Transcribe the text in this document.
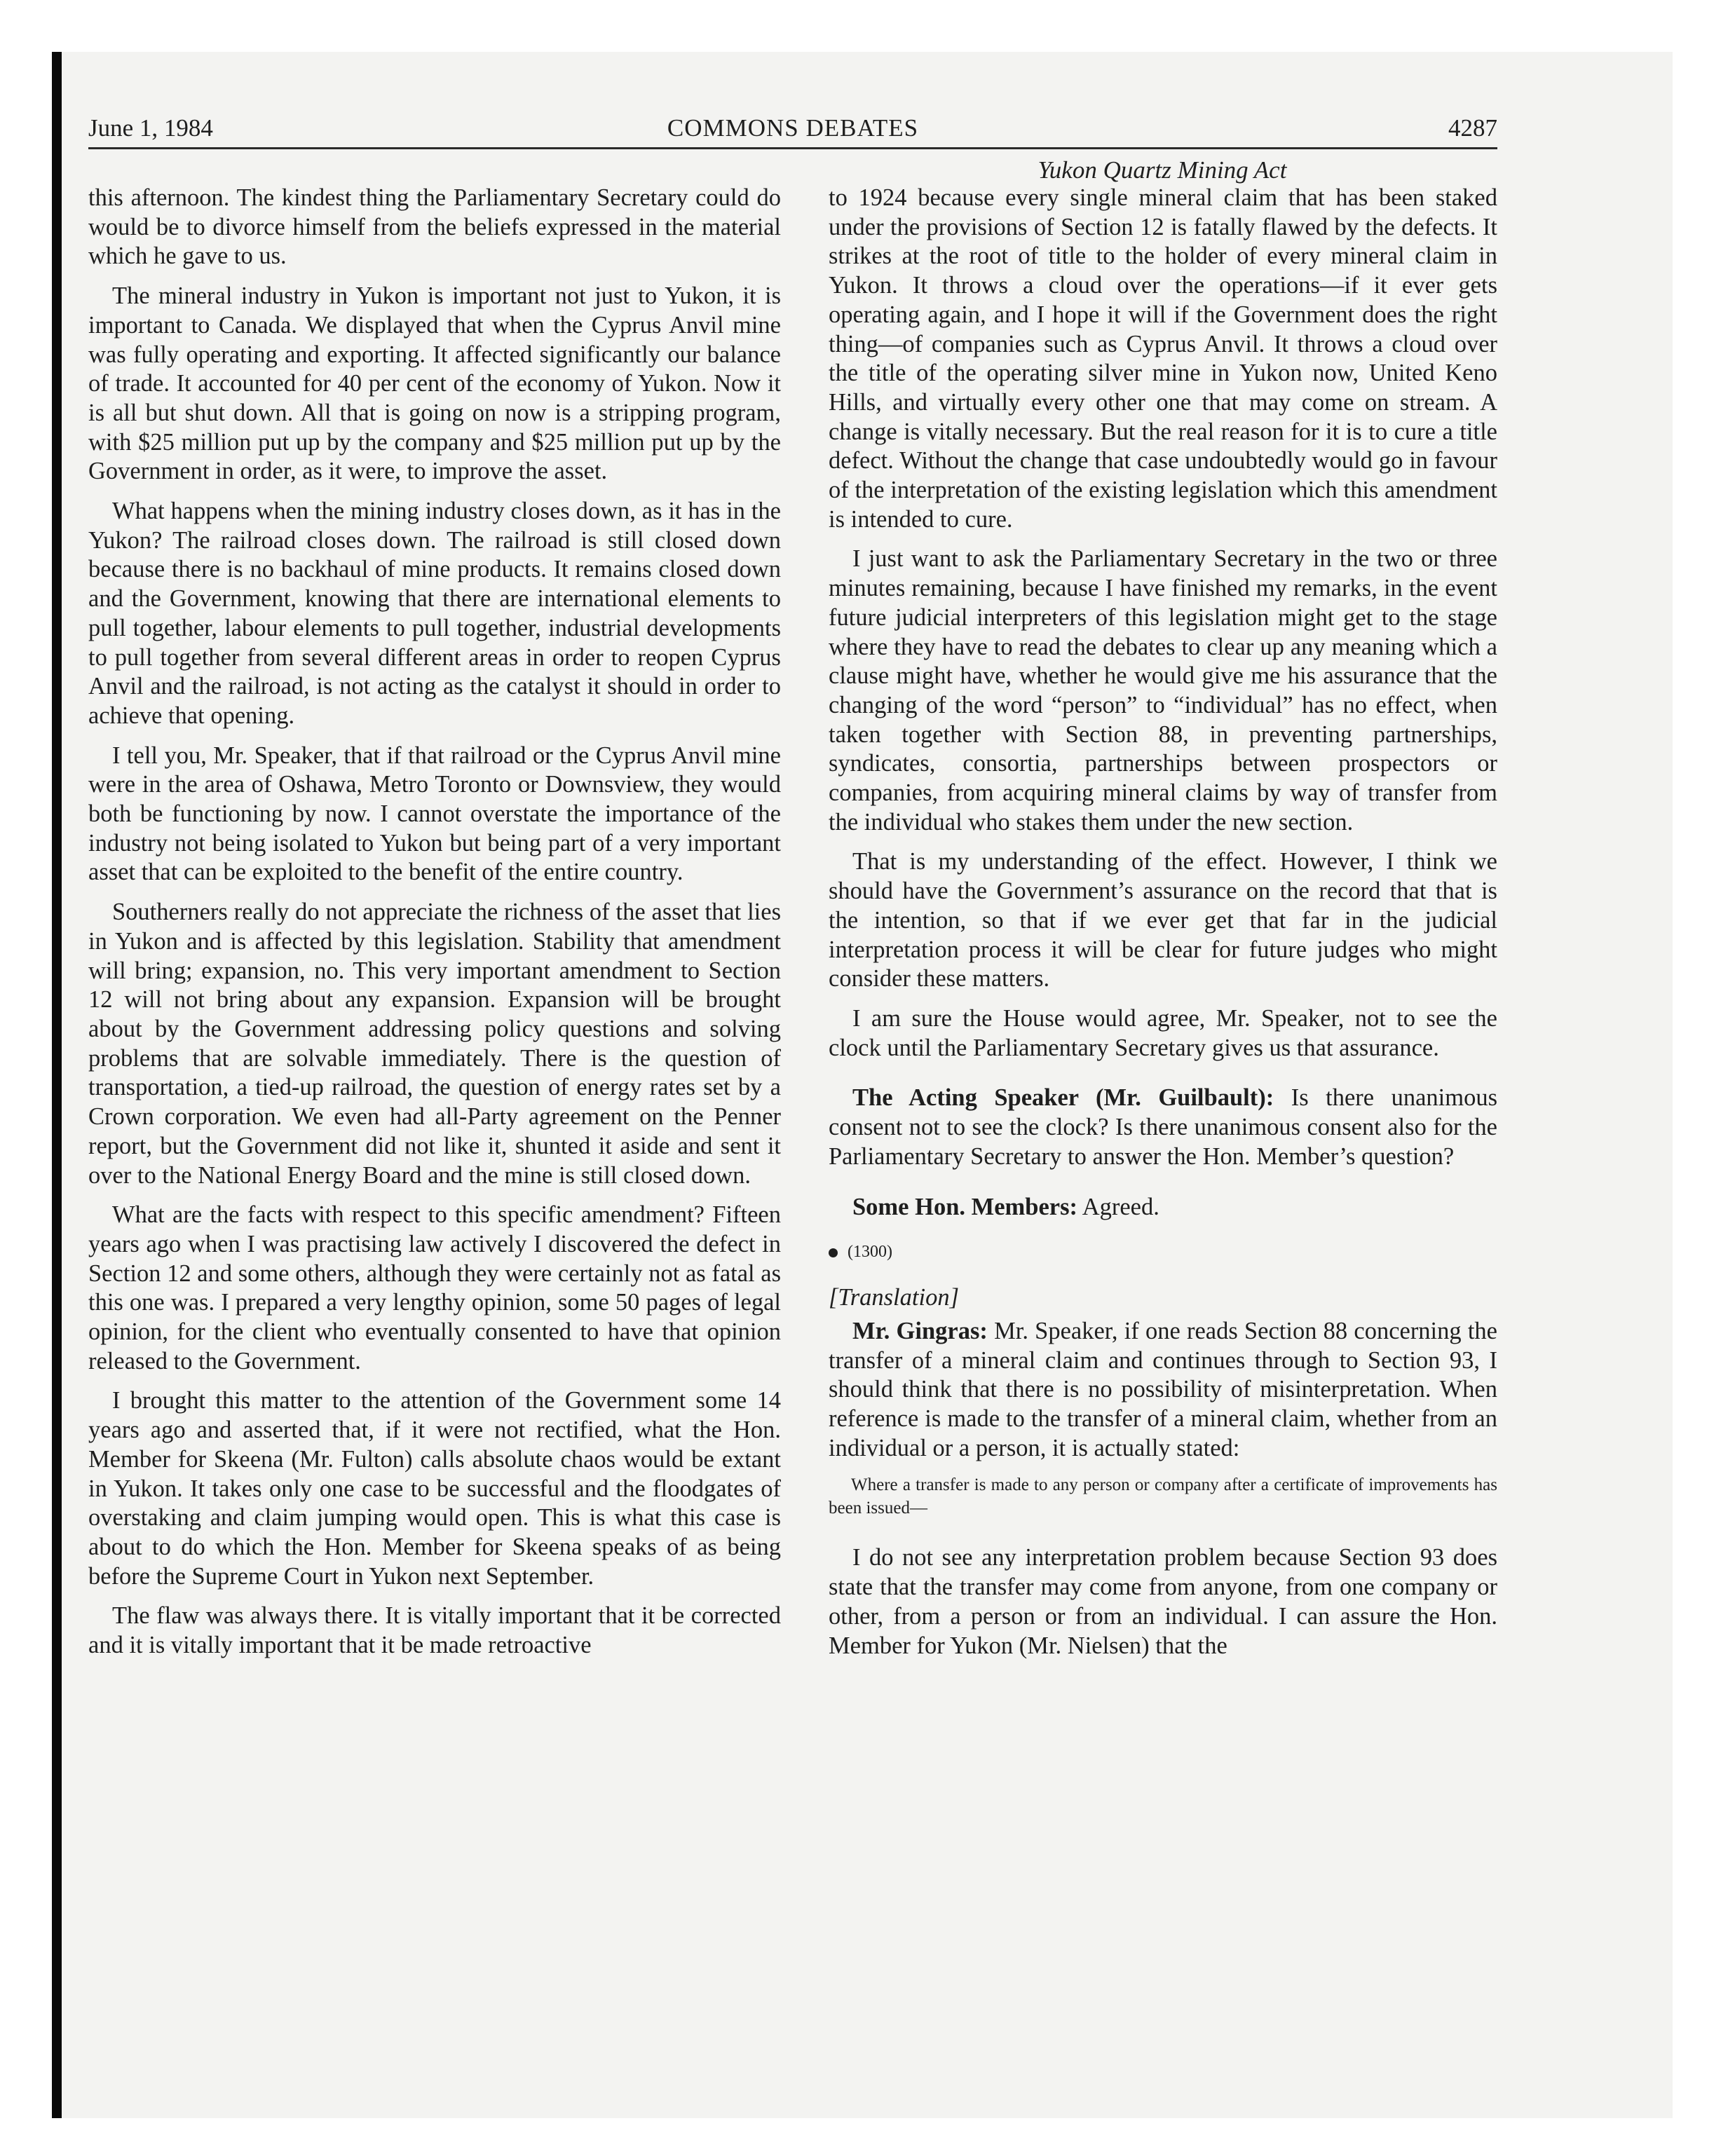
June 1, 1984	COMMONS DEBATES	4287
Yukon Quartz Mining Act

this afternoon. The kindest thing the Parliamentary Secretary could do would be to divorce himself from the beliefs expressed in the material which he gave to us.

The mineral industry in Yukon is important not just to Yukon, it is important to Canada. We displayed that when the Cyprus Anvil mine was fully operating and exporting. It affected significantly our balance of trade. It accounted for 40 per cent of the economy of Yukon. Now it is all but shut down. All that is going on now is a stripping program, with $25 million put up by the company and $25 million put up by the Government in order, as it were, to improve the asset.

What happens when the mining industry closes down, as it has in the Yukon? The railroad closes down. The railroad is still closed down because there is no backhaul of mine products. It remains closed down and the Government, knowing that there are international elements to pull together, labour elements to pull together, industrial developments to pull together from several different areas in order to reopen Cyprus Anvil and the railroad, is not acting as the catalyst it should in order to achieve that opening.

I tell you, Mr. Speaker, that if that railroad or the Cyprus Anvil mine were in the area of Oshawa, Metro Toronto or Downsview, they would both be functioning by now. I cannot overstate the importance of the industry not being isolated to Yukon but being part of a very important asset that can be exploited to the benefit of the entire country.

Southerners really do not appreciate the richness of the asset that lies in Yukon and is affected by this legislation. Stability that amendment will bring; expansion, no. This very important amendment to Section 12 will not bring about any expansion. Expansion will be brought about by the Government addressing policy questions and solving problems that are solvable immediately. There is the question of transportation, a tied-up railroad, the question of energy rates set by a Crown corporation. We even had all-Party agreement on the Penner report, but the Government did not like it, shunted it aside and sent it over to the National Energy Board and the mine is still closed down.

What are the facts with respect to this specific amendment? Fifteen years ago when I was practising law actively I discovered the defect in Section 12 and some others, although they were certainly not as fatal as this one was. I prepared a very lengthy opinion, some 50 pages of legal opinion, for the client who eventually consented to have that opinion released to the Government.

I brought this matter to the attention of the Government some 14 years ago and asserted that, if it were not rectified, what the Hon. Member for Skeena (Mr. Fulton) calls absolute chaos would be extant in Yukon. It takes only one case to be successful and the floodgates of overstaking and claim jumping would open. This is what this case is about to do which the Hon. Member for Skeena speaks of as being before the Supreme Court in Yukon next September.

The flaw was always there. It is vitally important that it be corrected and it is vitally important that it be made retroactive

to 1924 because every single mineral claim that has been staked under the provisions of Section 12 is fatally flawed by the defects. It strikes at the root of title to the holder of every mineral claim in Yukon. It throws a cloud over the operations—if it ever gets operating again, and I hope it will if the Government does the right thing—of companies such as Cyprus Anvil. It throws a cloud over the title of the operating silver mine in Yukon now, United Keno Hills, and virtually every other one that may come on stream. A change is vitally necessary. But the real reason for it is to cure a title defect. Without the change that case undoubtedly would go in favour of the interpretation of the existing legislation which this amendment is intended to cure.

I just want to ask the Parliamentary Secretary in the two or three minutes remaining, because I have finished my remarks, in the event future judicial interpreters of this legislation might get to the stage where they have to read the debates to clear up any meaning which a clause might have, whether he would give me his assurance that the changing of the word “person” to “individual” has no effect, when taken together with Section 88, in preventing partnerships, syndicates, consortia, partnerships between prospectors or companies, from acquiring mineral claims by way of transfer from the individual who stakes them under the new section.

That is my understanding of the effect. However, I think we should have the Government’s assurance on the record that that is the intention, so that if we ever get that far in the judicial interpretation process it will be clear for future judges who might consider these matters.

I am sure the House would agree, Mr. Speaker, not to see the clock until the Parliamentary Secretary gives us that assurance.

The Acting Speaker (Mr. Guilbault): Is there unanimous consent not to see the clock? Is there unanimous consent also for the Parliamentary Secretary to answer the Hon. Member’s question?

Some Hon. Members: Agreed.

(1300)
[Translation]

Mr. Gingras: Mr. Speaker, if one reads Section 88 concerning the transfer of a mineral claim and continues through to Section 93, I should think that there is no possibility of misinterpretation. When reference is made to the transfer of a mineral claim, whether from an individual or a person, it is actually stated:

Where a transfer is made to any person or company after a certificate of improvements has been issued—

I do not see any interpretation problem because Section 93 does state that the transfer may come from anyone, from one company or other, from a person or from an individual. I can assure the Hon. Member for Yukon (Mr. Nielsen) that the
